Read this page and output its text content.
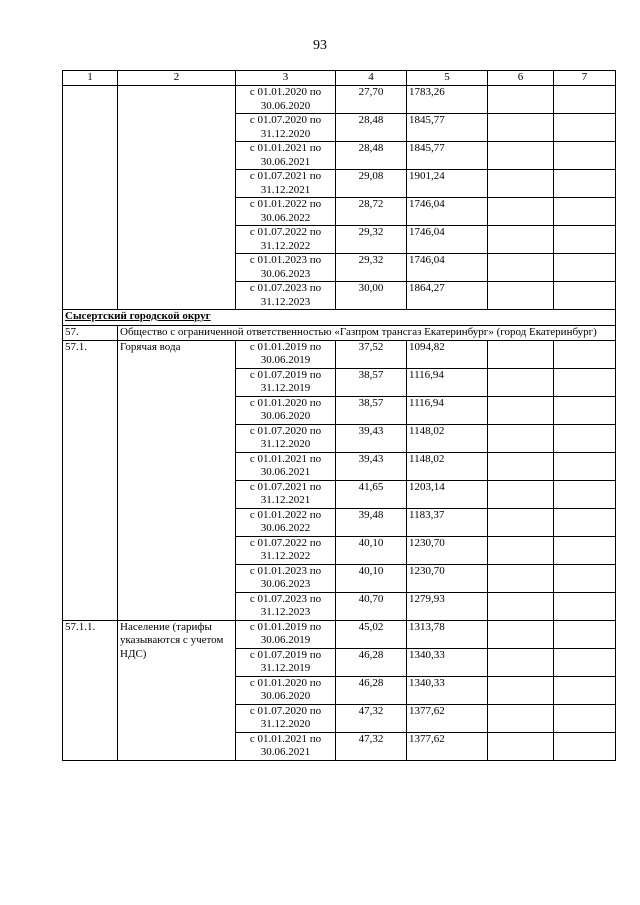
93
1	2	3	4	5	6	7
		с 01.01.2020 по 30.06.2020	27,70	1783,26		
		с 01.07.2020 по 31.12.2020	28,48	1845,77		
		с 01.01.2021 по 30.06.2021	28,48	1845,77		
		с 01.07.2021 по 31.12.2021	29,08	1901,24		
		с 01.01.2022 по 30.06.2022	28,72	1746,04		
		с 01.07.2022 по 31.12.2022	29,32	1746,04		
		с 01.01.2023 по 30.06.2023	29,32	1746,04		
		с 01.07.2023 по 31.12.2023	30,00	1864,27		
Сысертский городской округ						
57.	Общество с ограниченной ответственностью «Газпром трансгаз Екатеринбург» (город Екатеринбург)					
57.1.	Горячая вода	с 01.01.2019 по 30.06.2019	37,52	1094,82		
		с 01.07.2019 по 31.12.2019	38,57	1116,94		
		с 01.01.2020 по 30.06.2020	38,57	1116,94		
		с 01.07.2020 по 31.12.2020	39,43	1148,02		
		с 01.01.2021 по 30.06.2021	39,43	1148,02		
		с 01.07.2021 по 31.12.2021	41,65	1203,14		
		с 01.01.2022 по 30.06.2022	39,48	1183,37		
		с 01.07.2022 по 31.12.2022	40,10	1230,70		
		с 01.01.2023 по 30.06.2023	40,10	1230,70		
		с 01.07.2023 по 31.12.2023	40,70	1279,93		
57.1.1.	Население (тарифы указываются с учетом НДС)	с 01.01.2019 по 30.06.2019	45,02	1313,78		
		с 01.07.2019 по 31.12.2019	46,28	1340,33		
		с 01.01.2020 по 30.06.2020	46,28	1340,33		
		с 01.07.2020 по 31.12.2020	47,32	1377,62		
		с 01.01.2021 по 30.06.2021	47,32	1377,62		
